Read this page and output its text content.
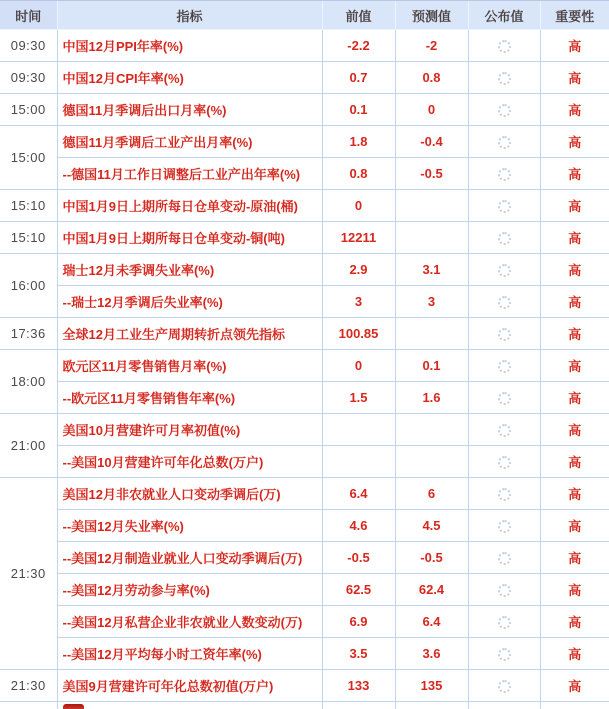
时间	指标	前值	预测值	公布值	重要性
09:30	中国12月PPI年率(%)	-2.2	-2		高
09:30	中国12月CPI年率(%)	0.7	0.8		高
15:00	德国11月季调后出口月率(%)	0.1	0		高
15:00	德国11月季调后工业产出月率(%)	1.8	-0.4		高
	--德国11月工作日调整后工业产出年率(%)	0.8	-0.5		高
15:10	中国1月9日上期所每日仓单变动-原油(桶)	0			高
15:10	中国1月9日上期所每日仓单变动-铜(吨)	12211			高
16:00	瑞士12月未季调失业率(%)	2.9	3.1		高
	--瑞士12月季调后失业率(%)	3	3		高
17:36	全球12月工业生产周期转折点领先指标	100.85			高
18:00	欧元区11月零售销售月率(%)	0	0.1		高
	--欧元区11月零售销售年率(%)	1.5	1.6		高
21:00	美国10月营建许可月率初值(%)				高
	--美国10月营建许可年化总数(万户)				高
21:30	美国12月非农就业人口变动季调后(万)	6.4	6		高
	--美国12月失业率(%)	4.6	4.5		高
	--美国12月制造业就业人口变动季调后(万)	-0.5	-0.5		高
	--美国12月劳动参与率(%)	62.5	62.4		高
	--美国12月私营企业非农就业人数变动(万)	6.9	6.4		高
	--美国12月平均每小时工资年率(%)	3.5	3.6		高
21:30	美国9月营建许可年化总数初值(万户)	133	135		高
